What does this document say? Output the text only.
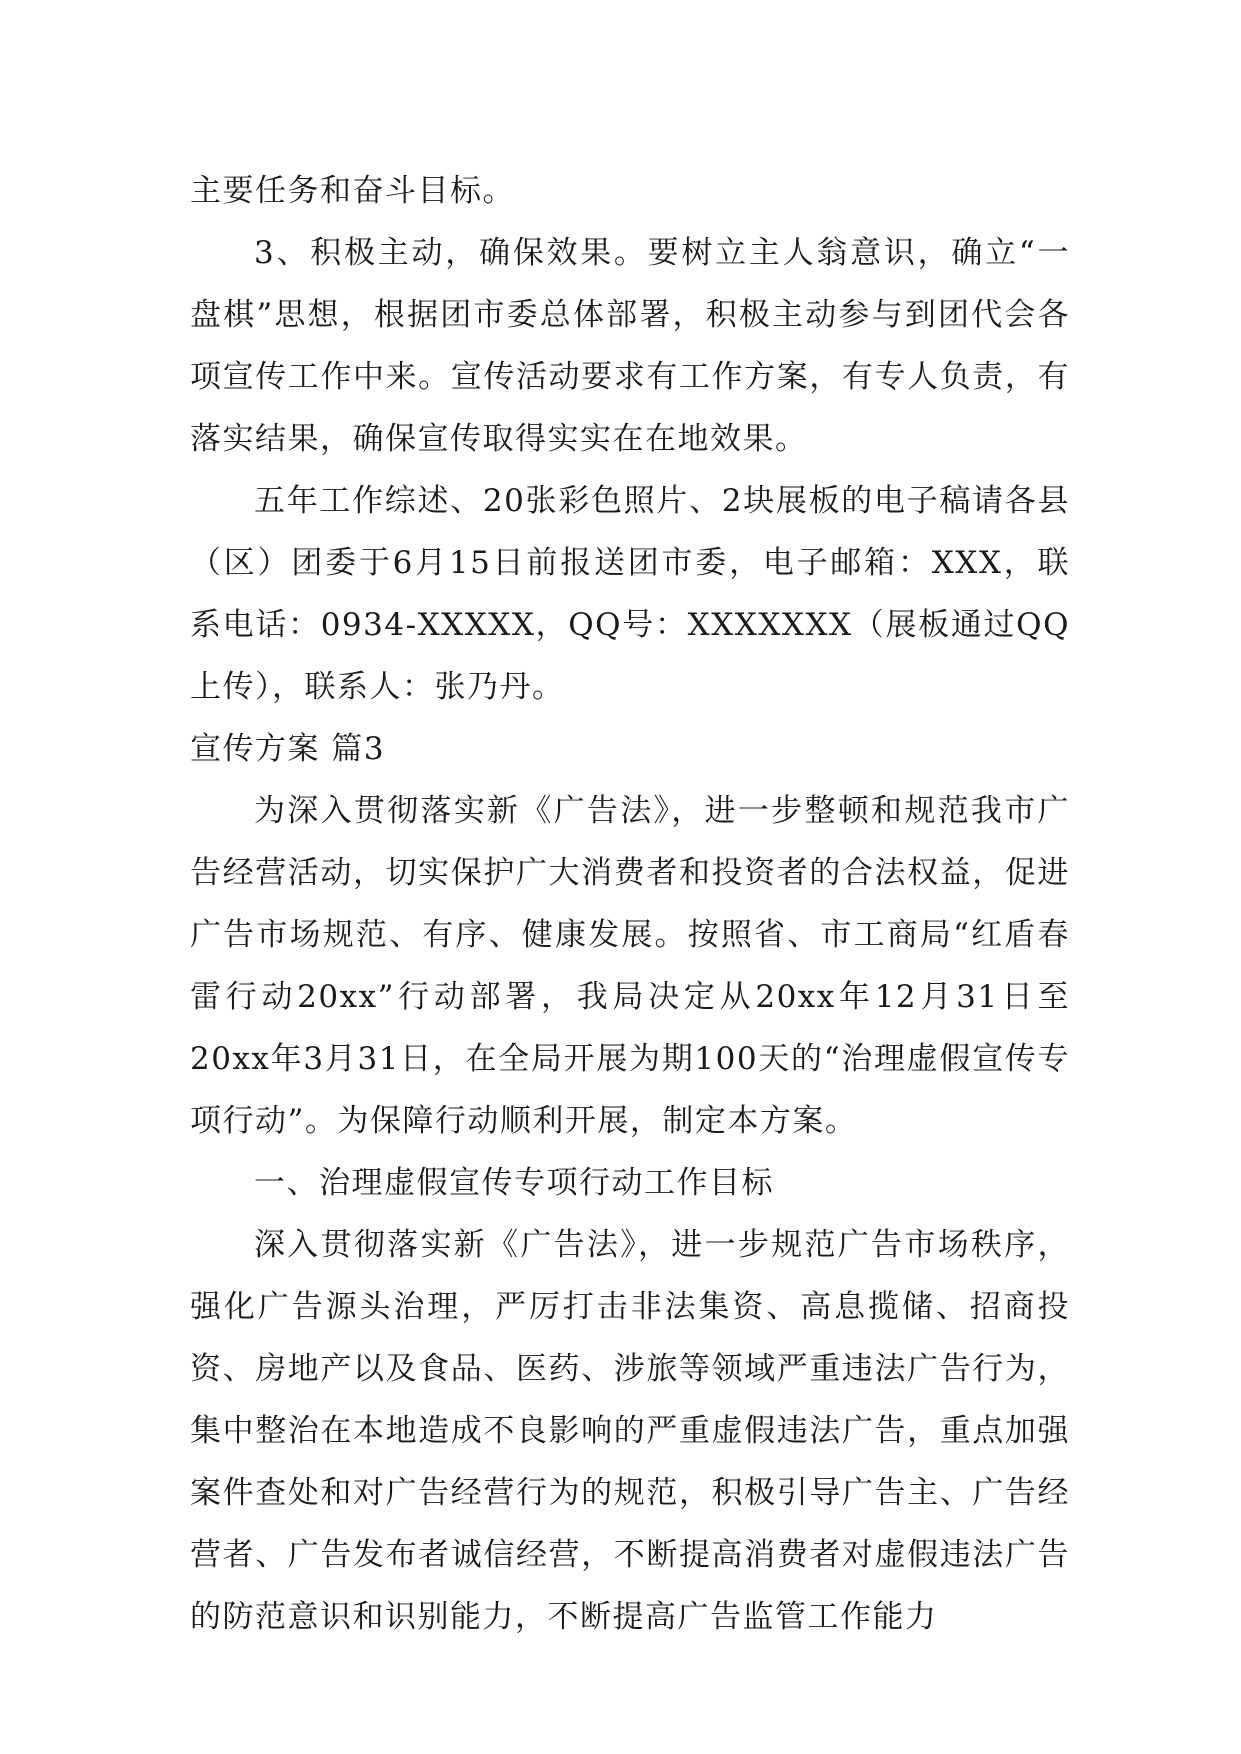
主要任务和奋斗目标。

3、积极主动，确保效果。要树立主人翁意识，确立“一盘棋”思想，根据团市委总体部署，积极主动参与到团代会各项宣传工作中来。宣传活动要求有工作方案，有专人负责，有落实结果，确保宣传取得实实在在地效果。

五年工作综述、20张彩色照片、2块展板的电子稿请各县（区）团委于6月15日前报送团市委，电子邮箱：XXX，联系电话：0934-XXXXX，QQ号：XXXXXXX（展板通过QQ上传），联系人：张乃丹。

宣传方案 篇3

为深入贯彻落实新《广告法》，进一步整顿和规范我市广告经营活动，切实保护广大消费者和投资者的合法权益，促进广告市场规范、有序、健康发展。按照省、市工商局“红盾春雷行动20xx”行动部署，我局决定从20xx年12月31日至20xx年3月31日，在全局开展为期100天的“治理虚假宣传专项行动”。为保障行动顺利开展，制定本方案。

一、治理虚假宣传专项行动工作目标

深入贯彻落实新《广告法》，进一步规范广告市场秩序，强化广告源头治理，严厉打击非法集资、高息揽储、招商投资、房地产以及食品、医药、涉旅等领域严重违法广告行为，集中整治在本地造成不良影响的严重虚假违法广告，重点加强案件查处和对广告经营行为的规范，积极引导广告主、广告经营者、广告发布者诚信经营，不断提高消费者对虚假违法广告的防范意识和识别能力，不断提高广告监管工作能力
